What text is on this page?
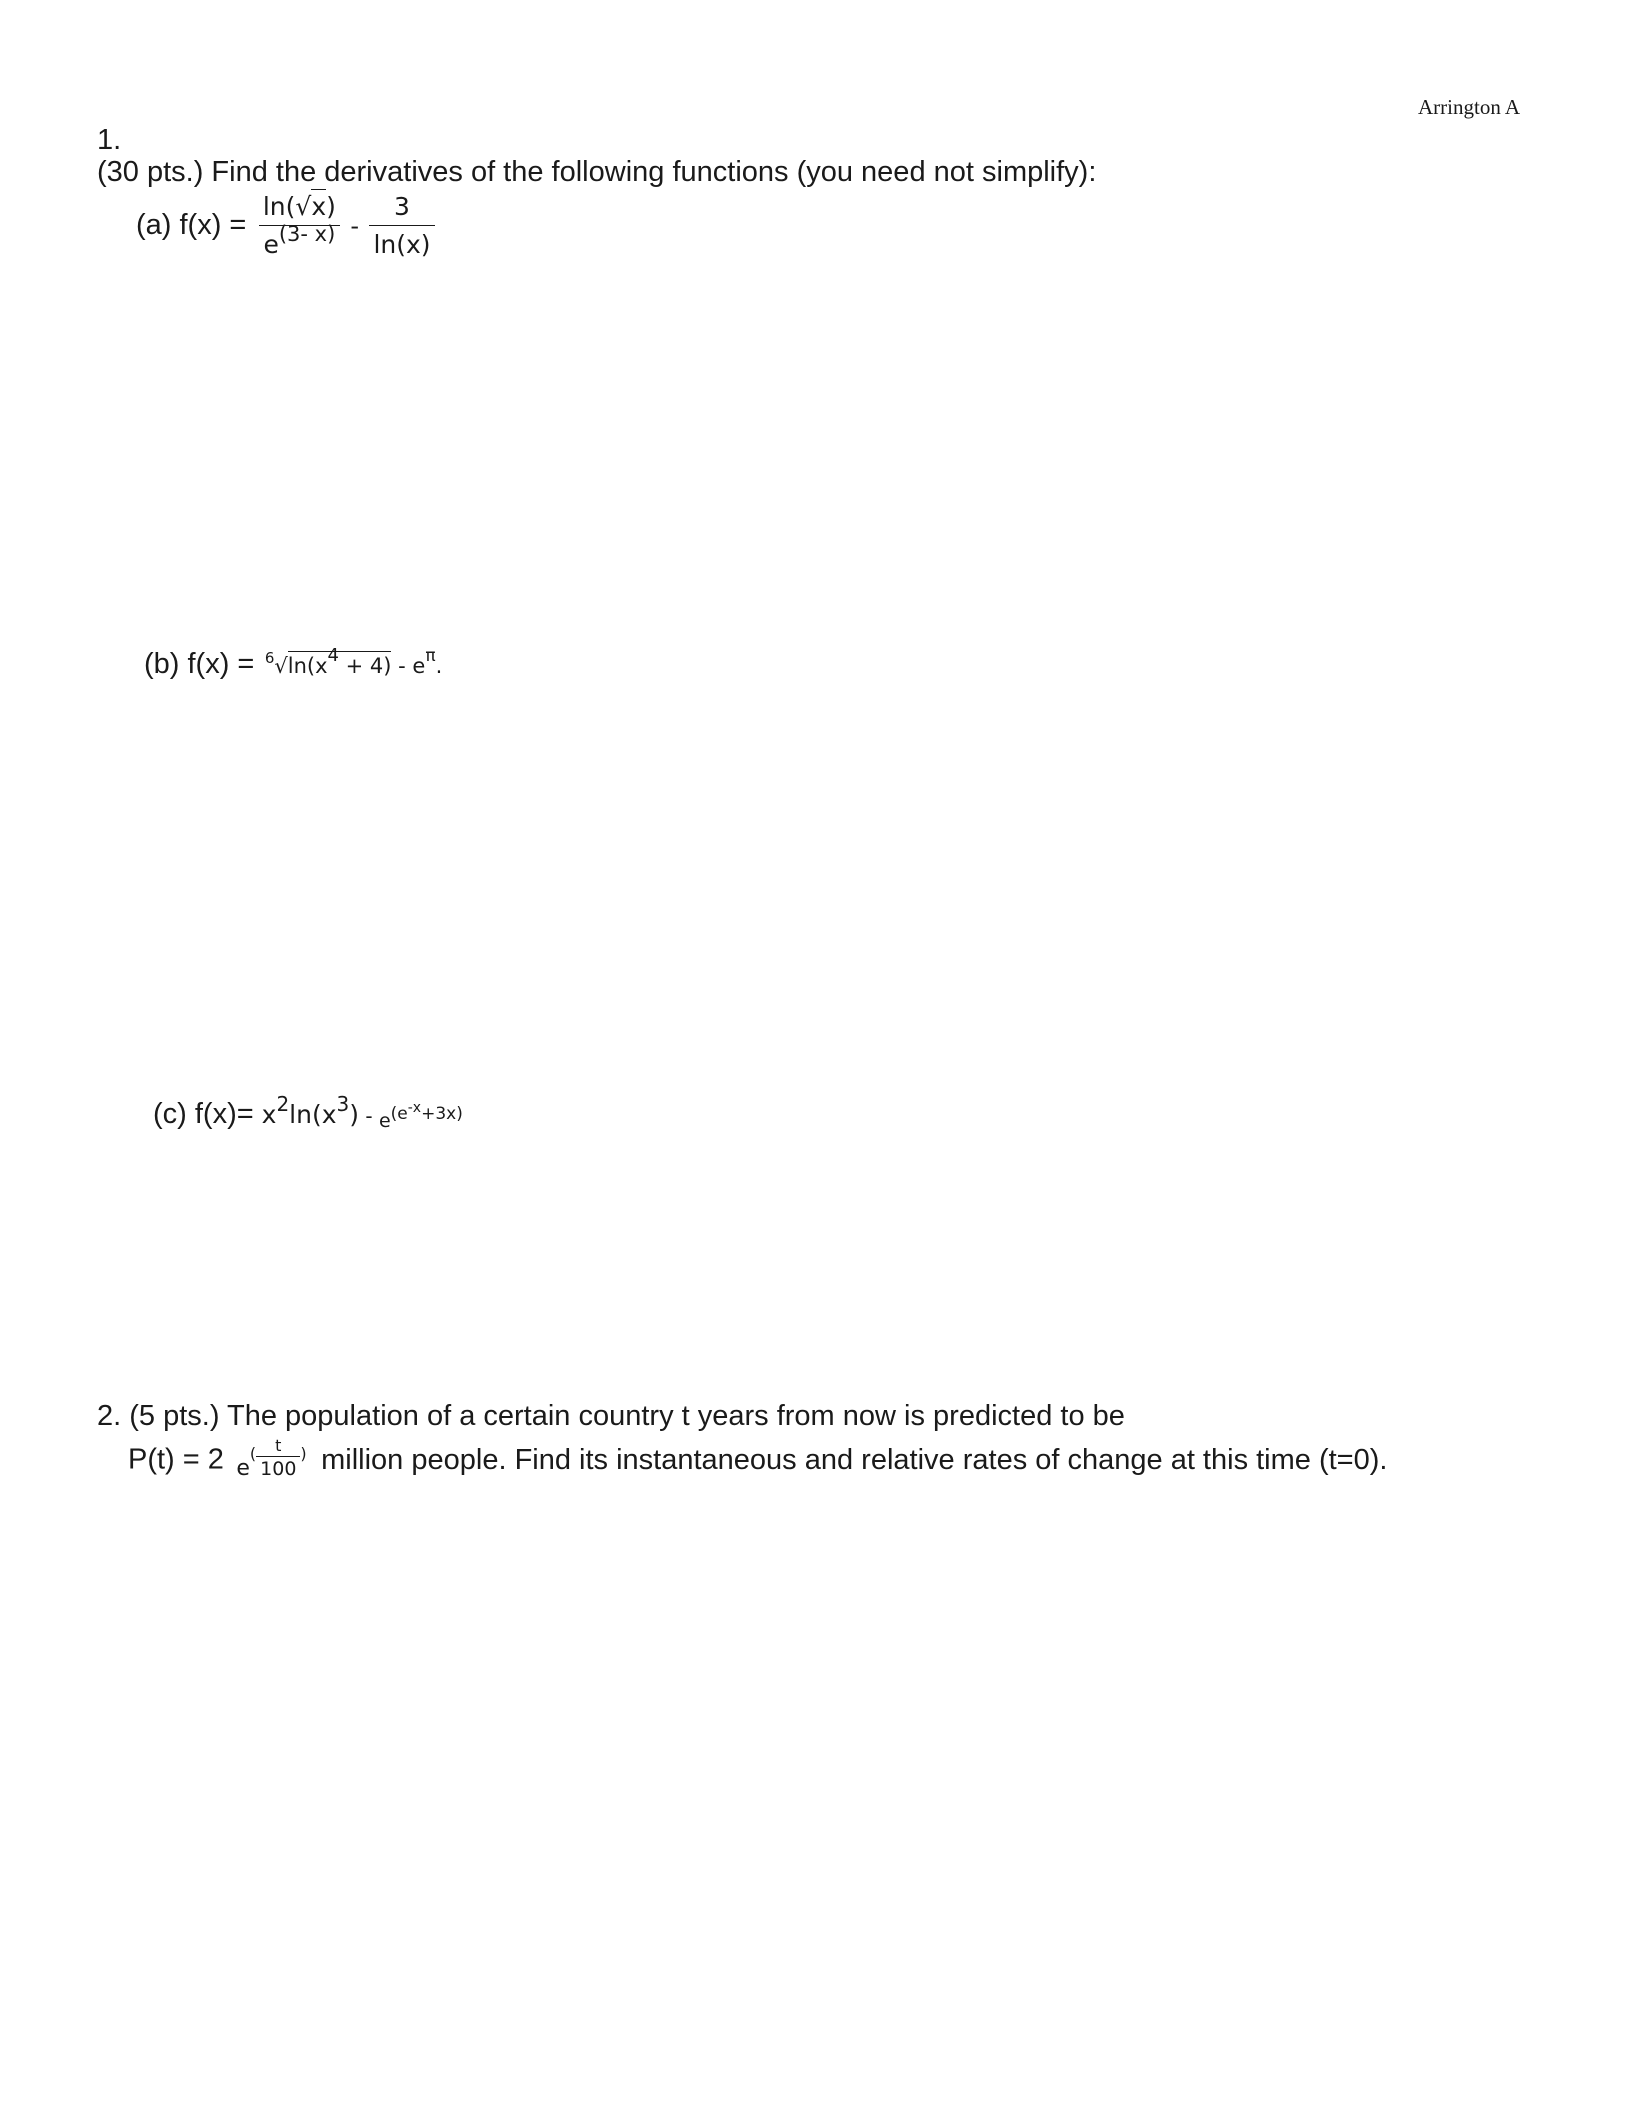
Arrington A
1.
(30 pts.) Find the derivatives of the following functions (you need not simplify):
(a) $f(x) = \frac{\ln(√x)}{e^{(3- x)}} - \frac{3}{\ln(x)}$
(b) $f(x) = ^6√\ln(x4 + 4) - e^\pi$.
(c) $f(x)= x^2\ln(x^3) - e(e^{-x}+3x)$
2. (5 pts.) The population of a certain country t years from now is predicted to be
P(t) = 2 $e( \frac{t}{100}$ ) million people. Find its instantaneous and relative rates of change at this time (t=0).
